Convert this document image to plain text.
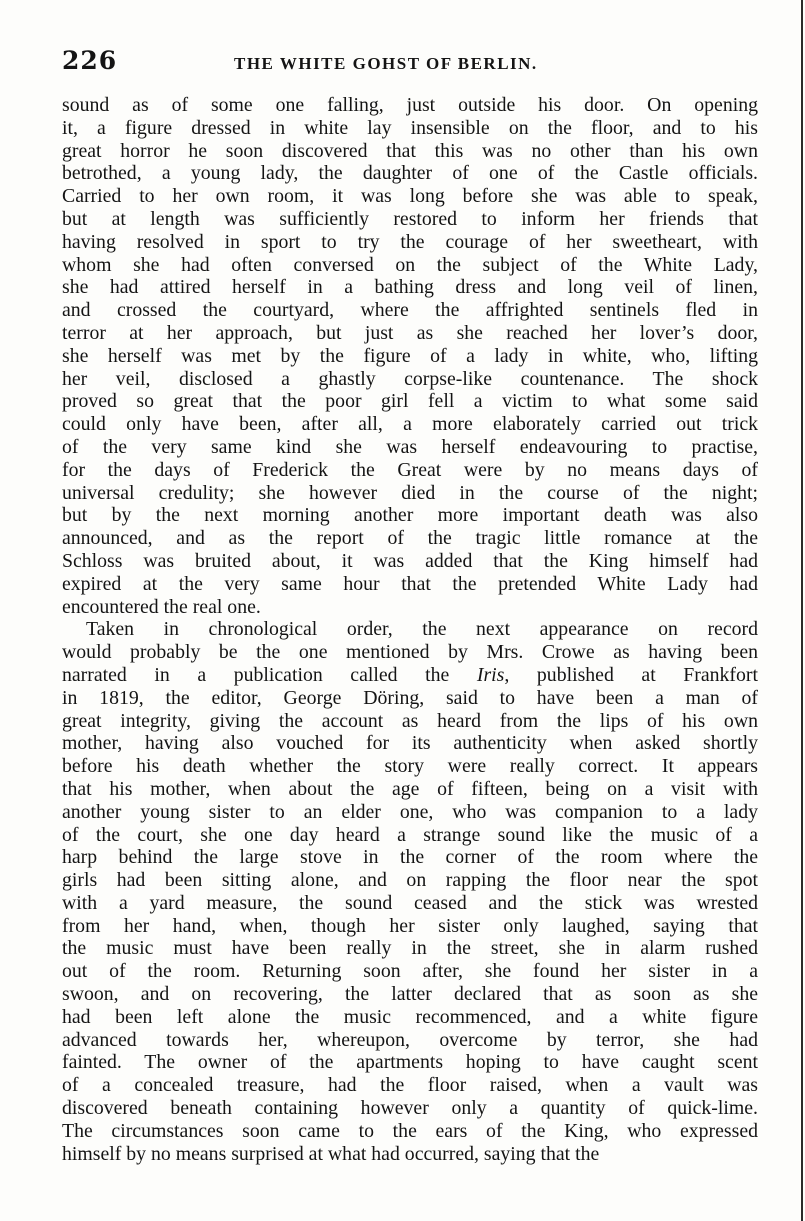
226	THE WHITE GOHST OF BERLIN.
sound as of some one falling, just outside his door. On opening
it, a figure dressed in white lay insensible on the floor, and to his
great horror he soon discovered that this was no other than his own
betrothed, a young lady, the daughter of one of the Castle officials.
Carried to her own room, it was long before she was able to speak,
but at length was sufficiently restored to inform her friends that
having resolved in sport to try the courage of her sweetheart, with
whom she had often conversed on the subject of the White Lady,
she had attired herself in a bathing dress and long veil of linen,
and crossed the courtyard, where the affrighted sentinels fled in
terror at her approach, but just as she reached her lover’s door,
she herself was met by the figure of a lady in white, who, lifting
her veil, disclosed a ghastly corpse-like countenance. The shock
proved so great that the poor girl fell a victim to what some said
could only have been, after all, a more elaborately carried out trick
of the very same kind she was herself endeavouring to practise,
for the days of Frederick the Great were by no means days of
universal credulity; she however died in the course of the night;
but by the next morning another more important death was also
announced, and as the report of the tragic little romance at the
Schloss was bruited about, it was added that the King himself had
expired at the very same hour that the pretended White Lady had
encountered the real one.
Taken in chronological order, the next appearance on record
would probably be the one mentioned by Mrs. Crowe as having been
narrated in a publication called the Iris, published at Frankfort
in 1819, the editor, George Döring, said to have been a man of
great integrity, giving the account as heard from the lips of his own
mother, having also vouched for its authenticity when asked shortly
before his death whether the story were really correct. It appears
that his mother, when about the age of fifteen, being on a visit with
another young sister to an elder one, who was companion to a lady
of the court, she one day heard a strange sound like the music of a
harp behind the large stove in the corner of the room where the
girls had been sitting alone, and on rapping the floor near the spot
with a yard measure, the sound ceased and the stick was wrested
from her hand, when, though her sister only laughed, saying that
the music must have been really in the street, she in alarm rushed
out of the room. Returning soon after, she found her sister in a
swoon, and on recovering, the latter declared that as soon as she
had been left alone the music recommenced, and a white figure
advanced towards her, whereupon, overcome by terror, she had
fainted. The owner of the apartments hoping to have caught scent
of a concealed treasure, had the floor raised, when a vault was
discovered beneath containing however only a quantity of quick-lime.
The circumstances soon came to the ears of the King, who expressed
himself by no means surprised at what had occurred, saying that the
